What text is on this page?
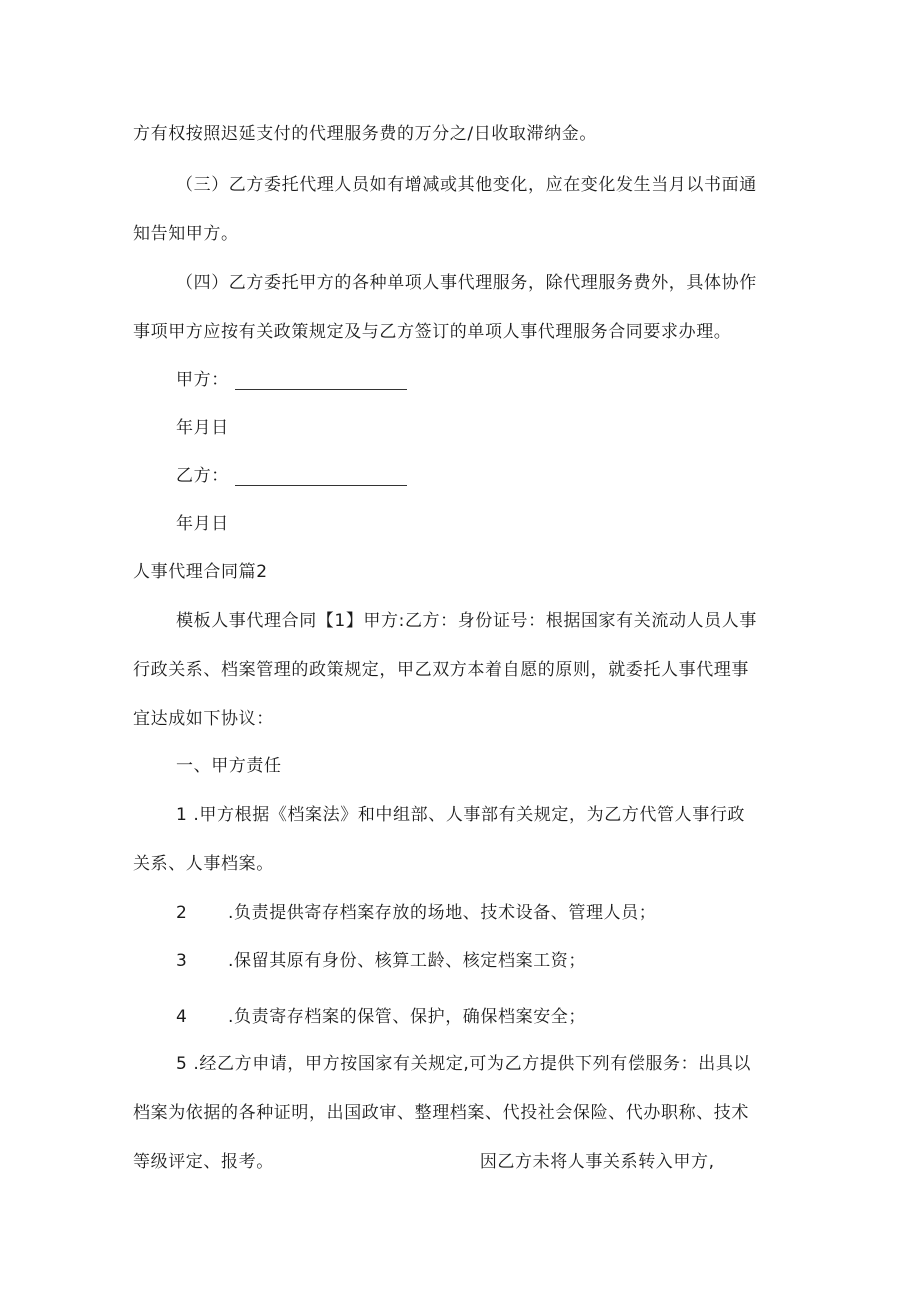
方有权按照迟延支付的代理服务费的万分之/日收取滞纳金。
（三）乙方委托代理人员如有增减或其他变化，应在变化发生当月以书面通
知告知甲方。
（四）乙方委托甲方的各种单项人事代理服务，除代理服务费外，具体协作
事项甲方应按有关政策规定及与乙方签订的单项人事代理服务合同要求办理。
甲方：
年月日
乙方：
年月日
人事代理合同篇2
模板人事代理合同【1】甲方:乙方：身份证号：根据国家有关流动人员人事
行政关系、档案管理的政策规定，甲乙双方本着自愿的原则，就委托人事代理事
宜达成如下协议：
一、甲方责任
1 .甲方根据《档案法》和中组部、人事部有关规定，为乙方代管人事行政
关系、人事档案。
2 .负责提供寄存档案存放的场地、技术设备、管理人员；
3 .保留其原有身份、核算工龄、核定档案工资；
4 .负责寄存档案的保管、保护，确保档案安全；
5 .经乙方申请，甲方按国家有关规定,可为乙方提供下列有偿服务：出具以
档案为依据的各种证明，出国政审、整理档案、代投社会保险、代办职称、技术
等级评定、报考。	因乙方未将人事关系转入甲方,
